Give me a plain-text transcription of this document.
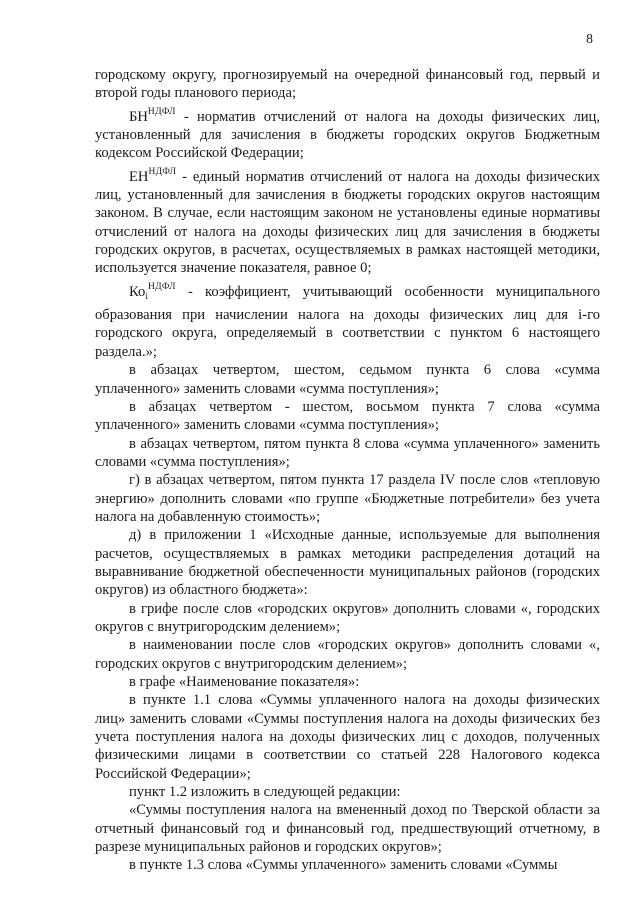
8

городскому округу, прогнозируемый на очередной финансовый год, первый и второй годы планового периода;

$БН^{НДФЛ}$ - норматив отчислений от налога на доходы физических лиц, установленный для зачисления в бюджеты городских округов Бюджетным кодексом Российской Федерации;

$ЕН^{НДФЛ}$ - единый норматив отчислений от налога на доходы физических лиц, установленный для зачисления в бюджеты городских округов настоящим законом. В случае, если настоящим законом не установлены единые нормативы отчислений от налога на доходы физических лиц для зачисления в бюджеты городских округов, в расчетах, осуществляемых в рамках настоящей методики, используется значение показателя, равное 0;

$Ко_i^{НДФЛ}$ - коэффициент, учитывающий особенности муниципального образования при начислении налога на доходы физических лиц для i-го городского округа, определяемый в соответствии с пунктом 6 настоящего раздела.»;

в абзацах четвертом, шестом, седьмом пункта 6 слова «сумма уплаченного» заменить словами «сумма поступления»;

в абзацах четвертом - шестом, восьмом пункта 7 слова «сумма уплаченного» заменить словами «сумма поступления»;

в абзацах четвертом, пятом пункта 8 слова «сумма уплаченного» заменить словами «сумма поступления»;

г) в абзацах четвертом, пятом пункта 17 раздела IV после слов «тепловую энергию» дополнить словами «по группе «Бюджетные потребители» без учета налога на добавленную стоимость»;

д) в приложении 1 «Исходные данные, используемые для выполнения расчетов, осуществляемых в рамках методики распределения дотаций на выравнивание бюджетной обеспеченности муниципальных районов (городских округов) из областного бюджета»:

в грифе после слов «городских округов» дополнить словами «, городских округов с внутригородским делением»;

в наименовании после слов «городских округов» дополнить словами «, городских округов с внутригородским делением»;

в графе «Наименование показателя»:

в пункте 1.1 слова «Суммы уплаченного налога на доходы физических лиц» заменить словами «Суммы поступления налога на доходы физических без учета поступления налога на доходы физических лиц с доходов, полученных физическими лицами в соответствии со статьей 228 Налогового кодекса Российской Федерации»;

пункт 1.2 изложить в следующей редакции:

«Суммы поступления налога на вмененный доход по Тверской области за отчетный финансовый год и финансовый год, предшествующий отчетному, в разрезе муниципальных районов и городских округов»;

в пункте 1.3 слова «Суммы уплаченного» заменить словами «Суммы
